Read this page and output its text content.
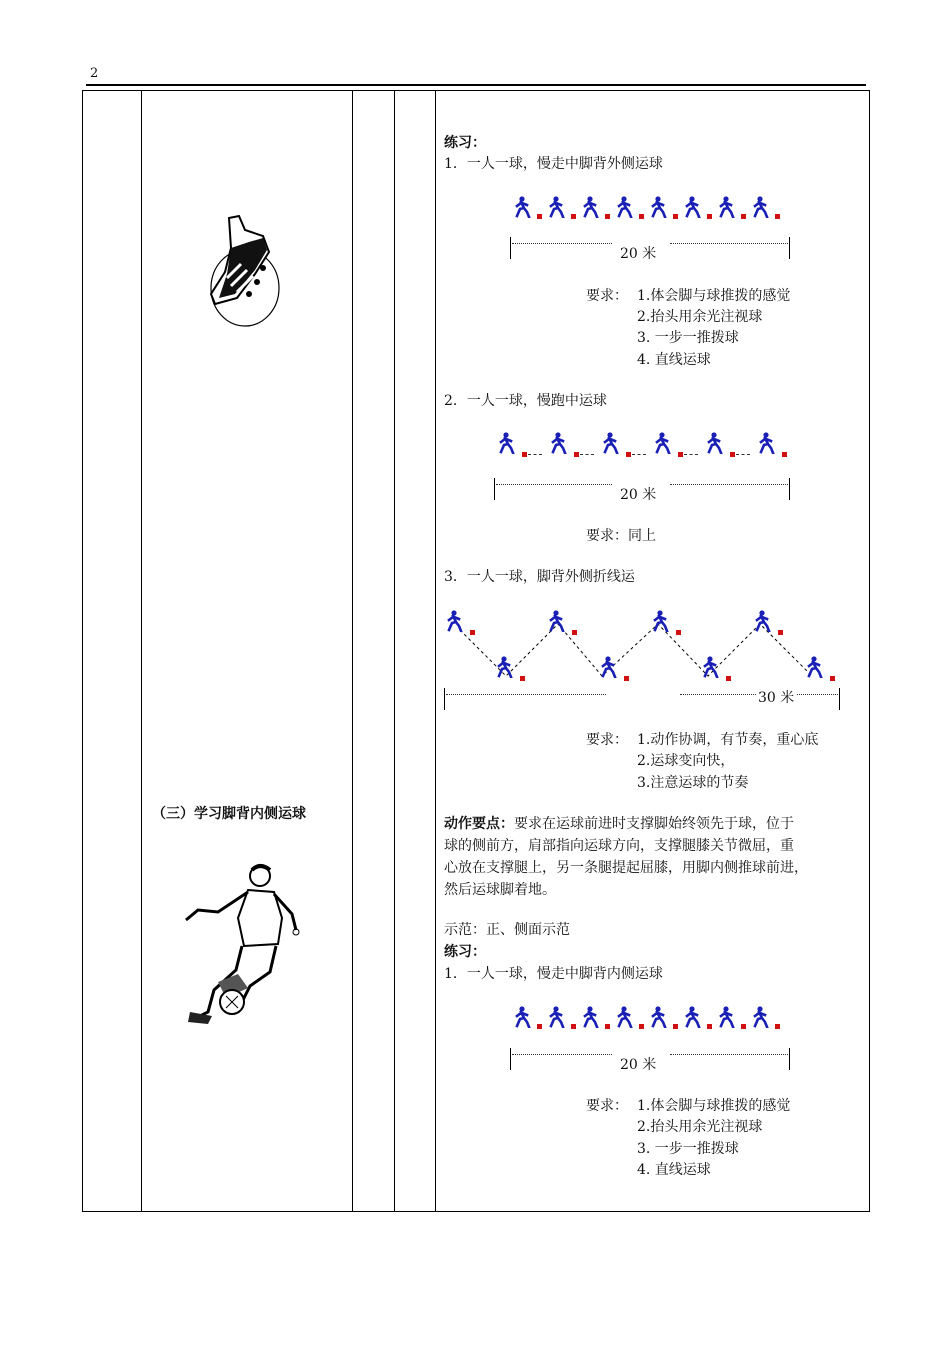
2
（三）学习脚背内侧运球
练习：
1．一人一球，慢走中脚背外侧运球
20 米
要求： 1.体会脚与球推拨的感觉
2.抬头用余光注视球
3. 一步一推拨球
4. 直线运球
2．一人一球，慢跑中运球
20 米
要求：同上
3．一人一球，脚背外侧折线运
30 米
要求： 1.动作协调，有节奏，重心底
2.运球变向快，
3.注意运球的节奏
动作要点：要求在运球前进时支撑脚始终领先于球，位于
球的侧前方，肩部指向运球方向，支撑腿膝关节微屈，重
心放在支撑腿上，另一条腿提起屈膝，用脚内侧推球前进，
然后运球脚着地。
示范：正、侧面示范
练习：
1．一人一球，慢走中脚背内侧运球
20 米
要求： 1.体会脚与球推拨的感觉
2.抬头用余光注视球
3. 一步一推拨球
4. 直线运球
